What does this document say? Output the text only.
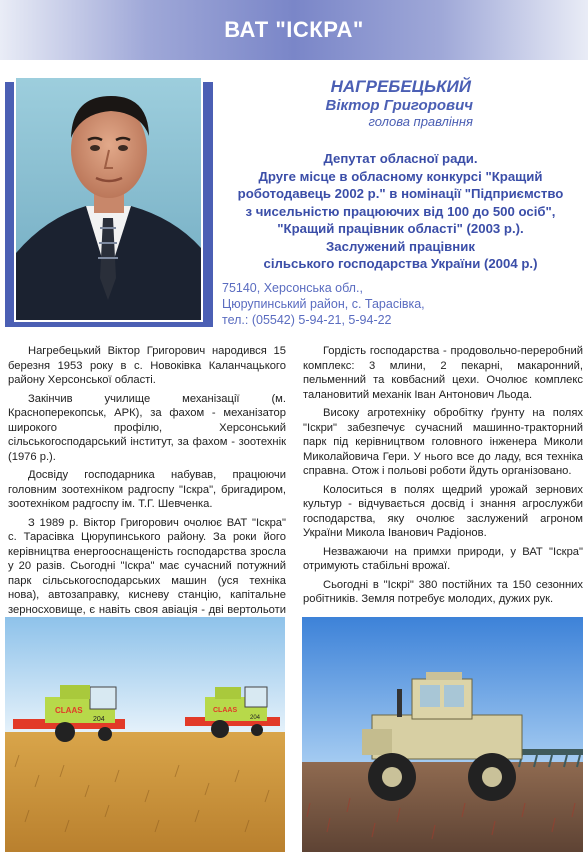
ВАТ "ІСКРА"

НАГРЕБЕЦЬКИЙ

Віктор Григорович

голова правління

Депутат обласної ради.
Друге місце в обласному конкурсі "Кращий
роботодавець 2002 р." в номінації "Підприємство
з чисельністю працюючих від 100 до 500 осіб",
"Кращий працівник області" (2003 р.).
Заслужений працівник
сільського господарства України (2004 р.)
75140, Херсонська обл.,
Цюрупинський район, с. Тарасівка,
тел.: (05542) 5-94-21, 5-94-22

Нагребецький Віктор Григорович народився 15 березня 1953 року в с. Новоківка Каланчацького району Херсонської області.

Закінчив училище механізації (м. Красноперекопськ, АРК), за фахом - механізатор широкого профілю, Херсонський сільськогосподарський інститут, за фахом - зоотехнік (1976 р.).

Досвіду господарника набував, працюючи головним зоотехніком радгоспу "Іскра", бригадиром, зоотехніком радгоспу ім. Т.Г. Шевченка.

З 1989 р. Віктор Григорович очолює ВАТ "Іскра" с. Тарасівка Цюрупинського району. За роки його керівництва енергооснащеність господарства зросла у 20 разів. Сьогодні "Іскра" має сучасний потужний парк сільськогосподарських машин (уся техніка нова), автозаправку, кисневу станцію, капітальне зерносховище, є навіть своя авіація - дві вертольоти

Гордість господарства - продовольчо-переробний комплекс: 3 млини, 2 пекарні, макаронний, пельменний та ковбасний цехи. Очолює комплекс талановитий механік Іван Антонович Льода.

Високу агротехніку обробітку ґрунту на полях "Іскри" забезпечує сучасний машинно-тракторний парк під керівництвом головного інженера Миколи Миколайовича Гери. У нього все до ладу, вся техніка справна. Отож і польові роботи йдуть організовано.

Колоситься в полях щедрий урожай зернових культур - відчувається досвід і знання агрослужби господарства, яку очолює заслужений агроном України Микола Іванович Радіонов.

Незважаючи на примхи природи, у ВАТ "Іскра" отримують стабільні врожаї.

Сьогодні в "Іскрі" 380 постійних та 150 сезонних робітників. Земля потребує молодих, дужих рук.

CLAAS
204
CLAAS
204
